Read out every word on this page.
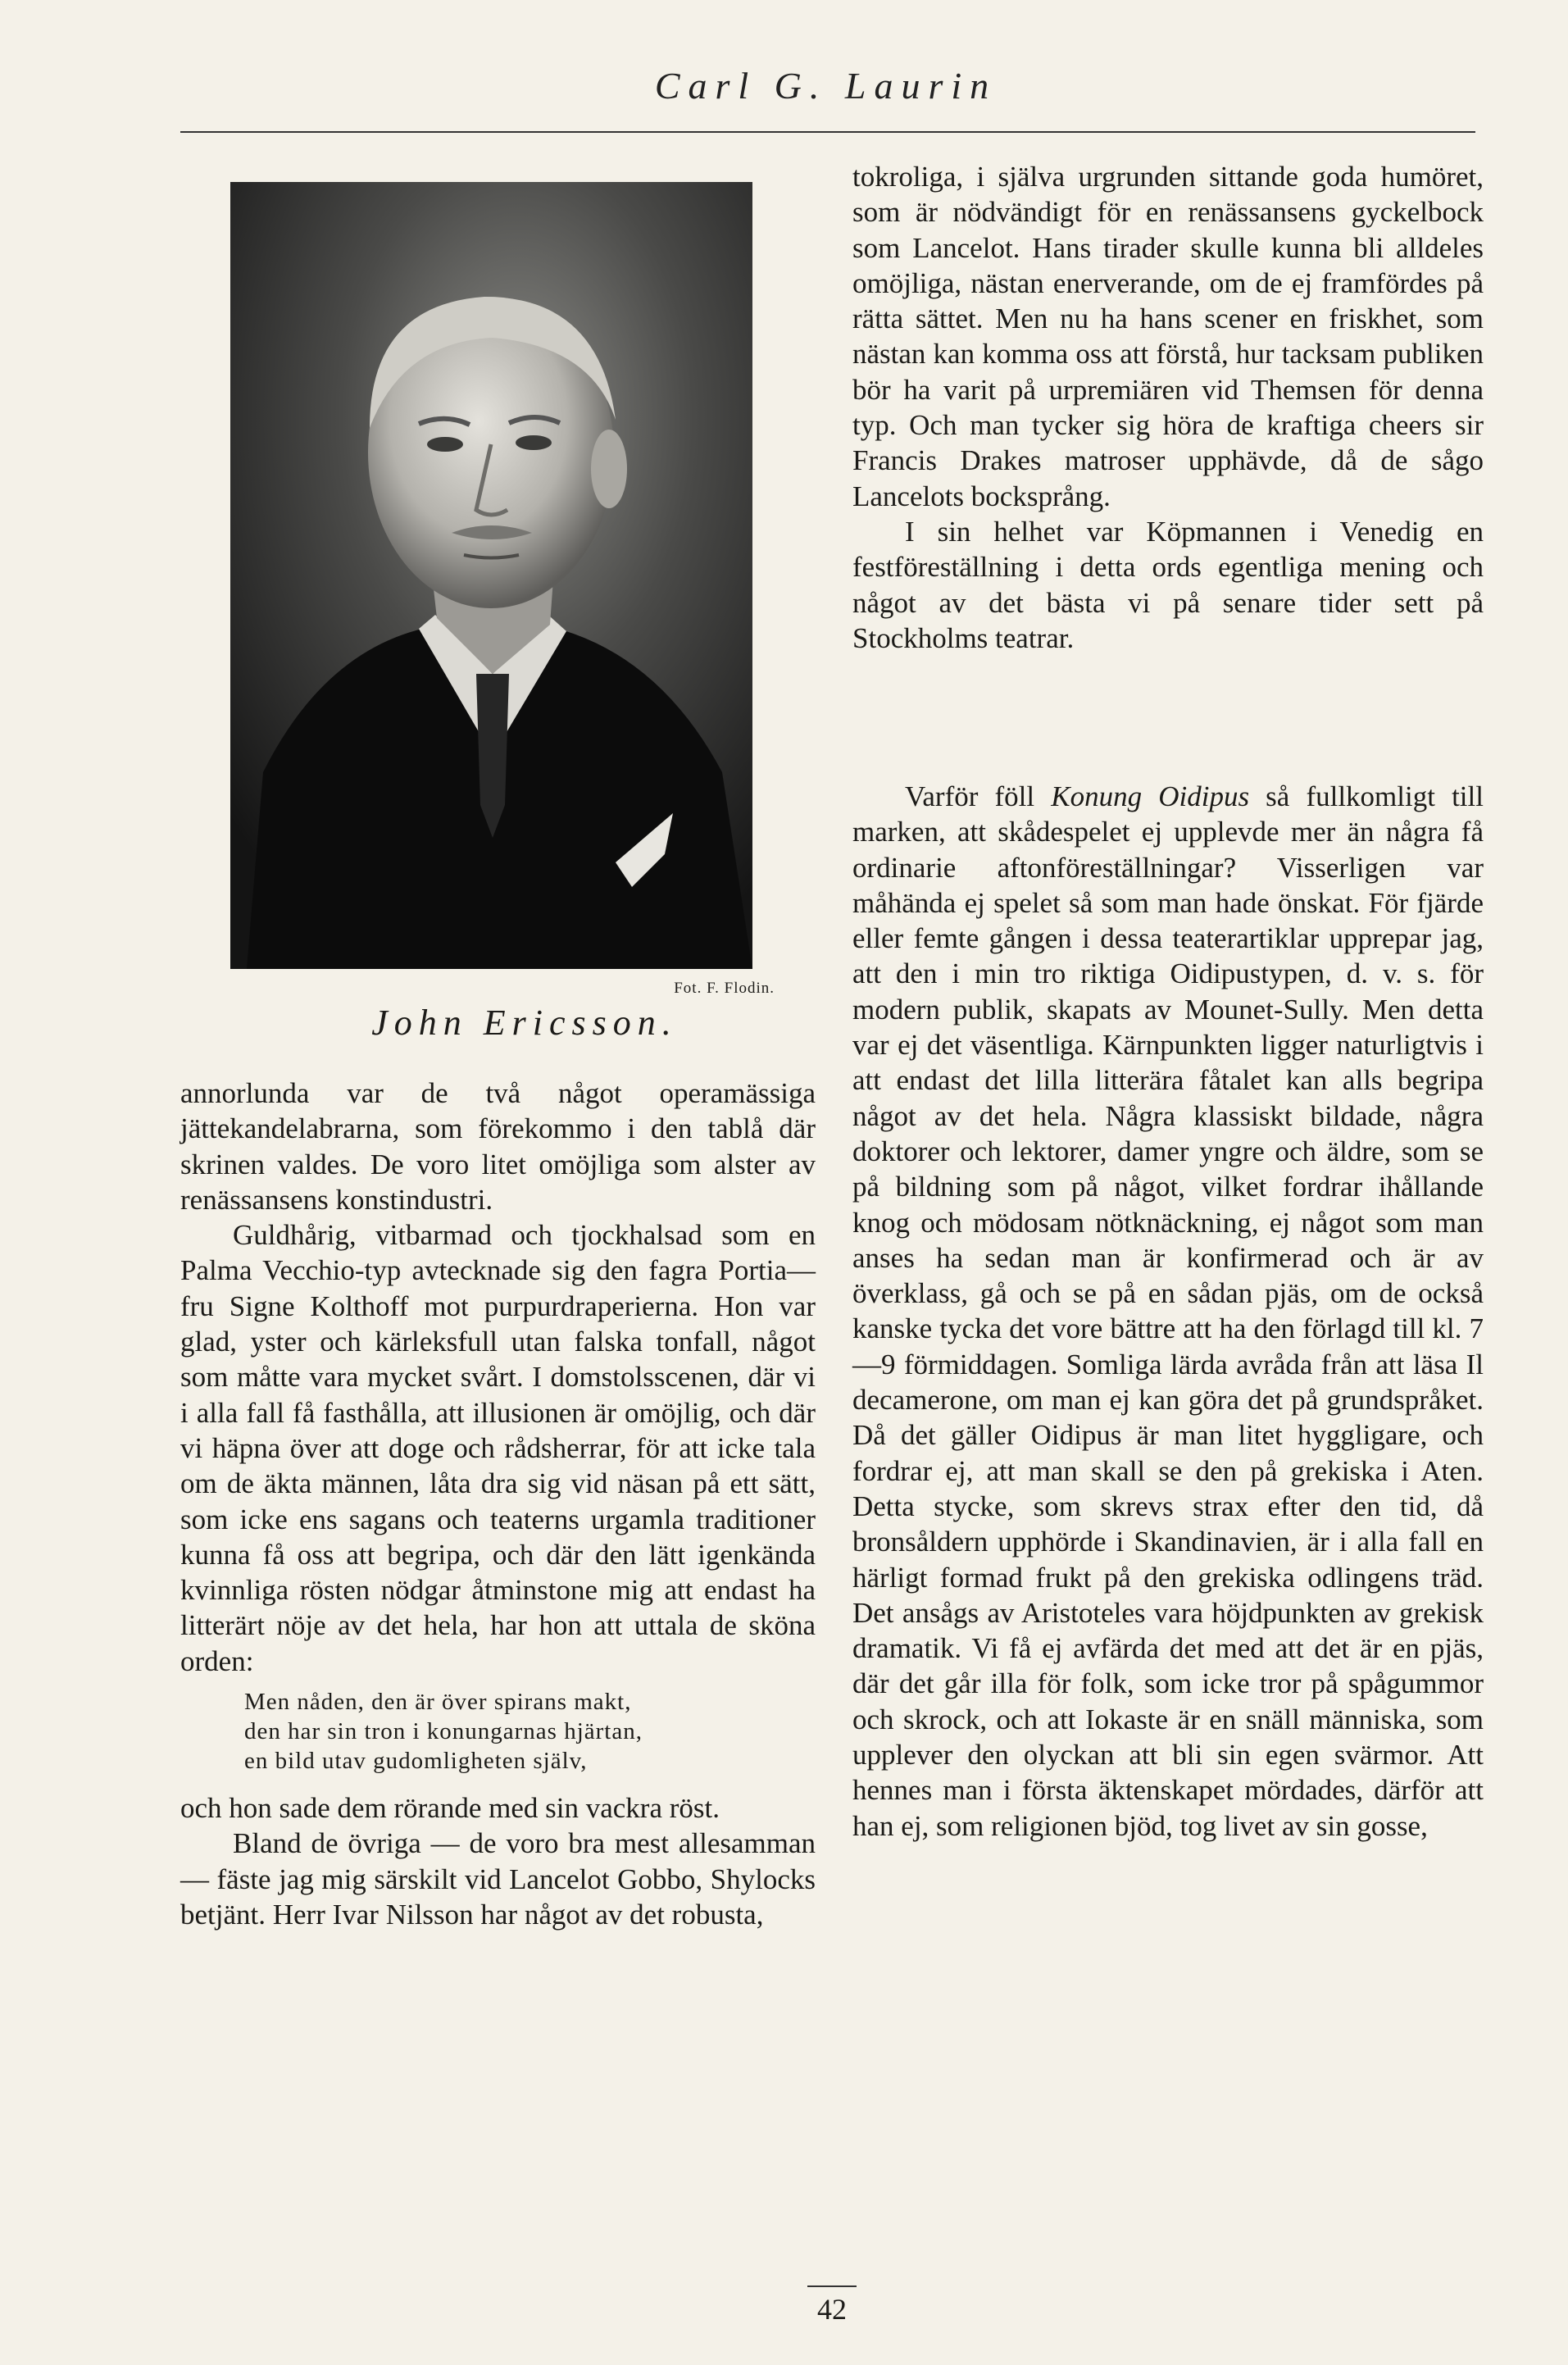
Carl G. Laurin
Fot. F. Flodin.
John Ericsson.

annorlunda var de två något operamässiga jättekandelabrarna, som förekommo i den tablå där skrinen valdes. De voro litet omöjliga som alster av renässansens konstindustri.

Guldhårig, vitbarmad och tjockhalsad som en Palma Vecchio-typ avtecknade sig den fagra Portia—fru Signe Kolthoff mot purpurdraperierna. Hon var glad, yster och kärleksfull utan falska tonfall, något som måtte vara mycket svårt. I domstolsscenen, där vi i alla fall få fasthålla, att illusionen är omöjlig, och där vi häpna över att doge och rådsherrar, för att icke tala om de äkta männen, låta dra sig vid näsan på ett sätt, som icke ens sagans och teaterns urgamla traditioner kunna få oss att begripa, och där den lätt igenkända kvinnliga rösten nödgar åtminstone mig att endast ha litterärt nöje av det hela, har hon att uttala de sköna orden:

Men nåden, den är över spirans makt,
den har sin tron i konungarnas hjärtan,
en bild utav gudomligheten själv,

och hon sade dem rörande med sin vackra röst.

Bland de övriga — de voro bra mest allesamman — fäste jag mig särskilt vid Lancelot Gobbo, Shylocks betjänt. Herr Ivar Nilsson har något av det robusta,

tokroliga, i själva urgrunden sittande goda humöret, som är nödvändigt för en renässansens gyckelbock som Lancelot. Hans tirader skulle kunna bli alldeles omöjliga, nästan enerverande, om de ej framfördes på rätta sättet. Men nu ha hans scener en friskhet, som nästan kan komma oss att förstå, hur tacksam publiken bör ha varit på urpremiären vid Themsen för denna typ. Och man tycker sig höra de kraftiga cheers sir Francis Drakes matroser upphävde, då de sågo Lancelots bocksprång.

I sin helhet var Köpmannen i Venedig en festföreställning i detta ords egentliga mening och något av det bästa vi på senare tider sett på Stockholms teatrar.

Varför föll Konung Oidipus så fullkomligt till marken, att skådespelet ej upplevde mer än några få ordinarie aftonföreställningar? Visserligen var måhända ej spelet så som man hade önskat. För fjärde eller femte gången i dessa teaterartiklar upprepar jag, att den i min tro riktiga Oidipustypen, d. v. s. för modern publik, skapats av Mounet-Sully. Men detta var ej det väsentliga. Kärnpunkten ligger naturligtvis i att endast det lilla litterära fåtalet kan alls begripa något av det hela. Några klassiskt bildade, några doktorer och lektorer, damer yngre och äldre, som se på bildning som på något, vilket fordrar ihållande knog och mödosam nötknäckning, ej något som man anses ha sedan man är konfirmerad och är av överklass, gå och se på en sådan pjäs, om de också kanske tycka det vore bättre att ha den förlagd till kl. 7—9 förmiddagen. Somliga lärda avråda från att läsa Il decamerone, om man ej kan göra det på grundspråket. Då det gäller Oidipus är man litet hyggligare, och fordrar ej, att man skall se den på grekiska i Aten. Detta stycke, som skrevs strax efter den tid, då bronsåldern upphörde i Skandinavien, är i alla fall en härligt formad frukt på den grekiska odlingens träd. Det ansågs av Aristoteles vara höjdpunkten av grekisk dramatik. Vi få ej avfärda det med att det är en pjäs, där det går illa för folk, som icke tror på spågummor och skrock, och att Iokaste är en snäll människa, som upplever den olyckan att bli sin egen svärmor. Att hennes man i första äktenskapet mördades, därför att han ej, som religionen bjöd, tog livet av sin gosse,

42
